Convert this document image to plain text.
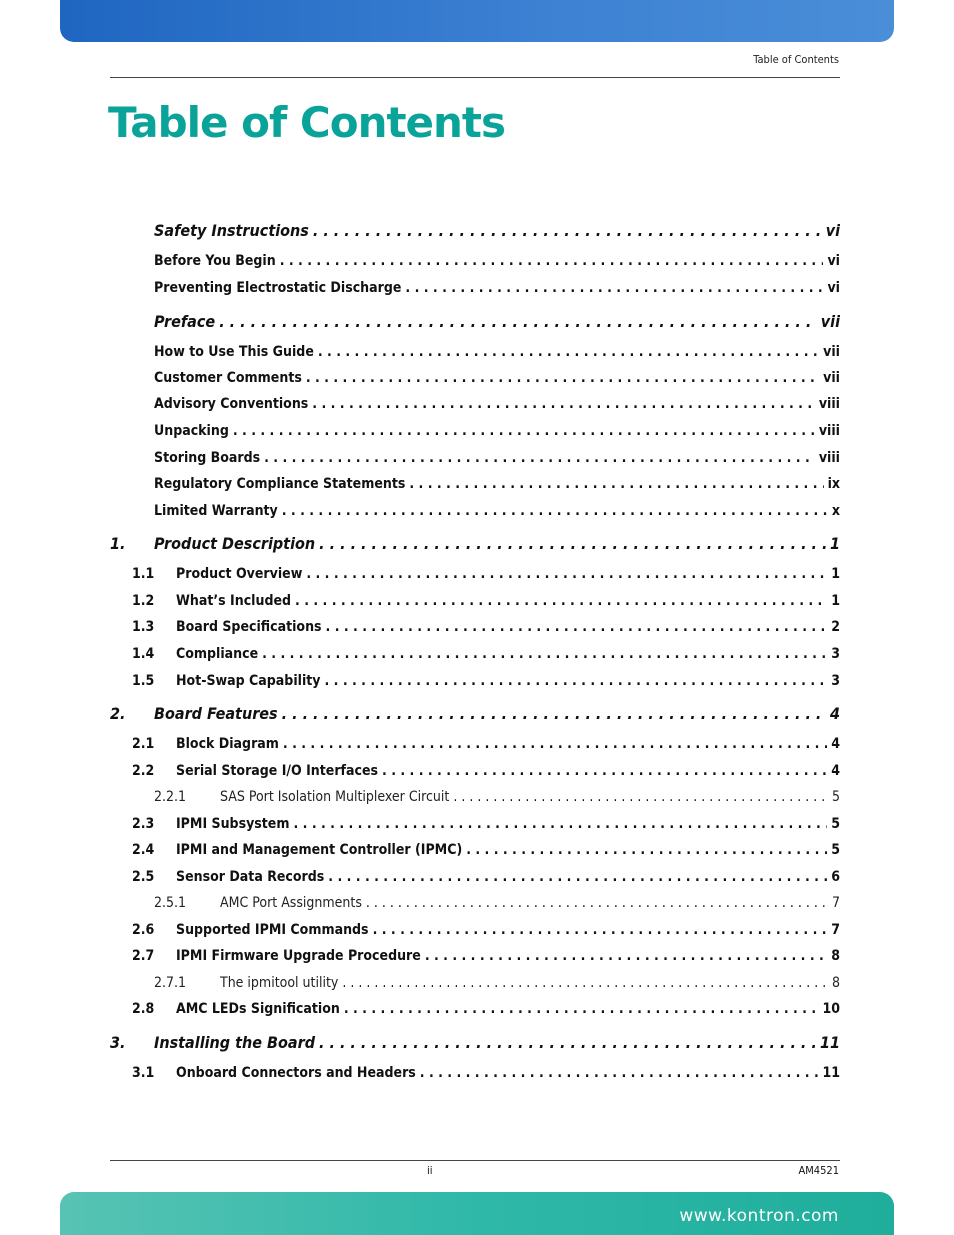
Table of Contents
Table of Contents
Safety Instructions . . .	vi
Before You Begin . . .	vi
Preventing Electrostatic Discharge . . .	vi
Preface . . .	vii
How to Use This Guide . . .	vii
Customer Comments . . .	vii
Advisory Conventions . . .	viii
Unpacking . . .	viii
Storing Boards . . .	viii
Regulatory Compliance Statements . . .	ix
Limited Warranty . . .	x
1.	Product Description . . .	1
1.1	Product Overview . . .	1
1.2	What’s Included . . .	1
1.3	Board Specifications . . .	2
1.4	Compliance . . .	3
1.5	Hot-Swap Capability . . .	3
2.	Board Features . . .	4
2.1	Block Diagram . . .	4
2.2	Serial Storage I/O Interfaces . . .	4
2.2.1	SAS Port Isolation Multiplexer Circuit . . .	5
2.3	IPMI Subsystem . . .	5
2.4	IPMI and Management Controller (IPMC) . . .	5
2.5	Sensor Data Records . . .	6
2.5.1	AMC Port Assignments . . .	7
2.6	Supported IPMI Commands . . .	7
2.7	IPMI Firmware Upgrade Procedure . . .	8
2.7.1	The ipmitool utility . . .	8
2.8	AMC LEDs Signification . . .	10
3.	Installing the Board . . .	11
3.1	Onboard Connectors and Headers . . .	11
ii	AM4521
www.kontron.com
